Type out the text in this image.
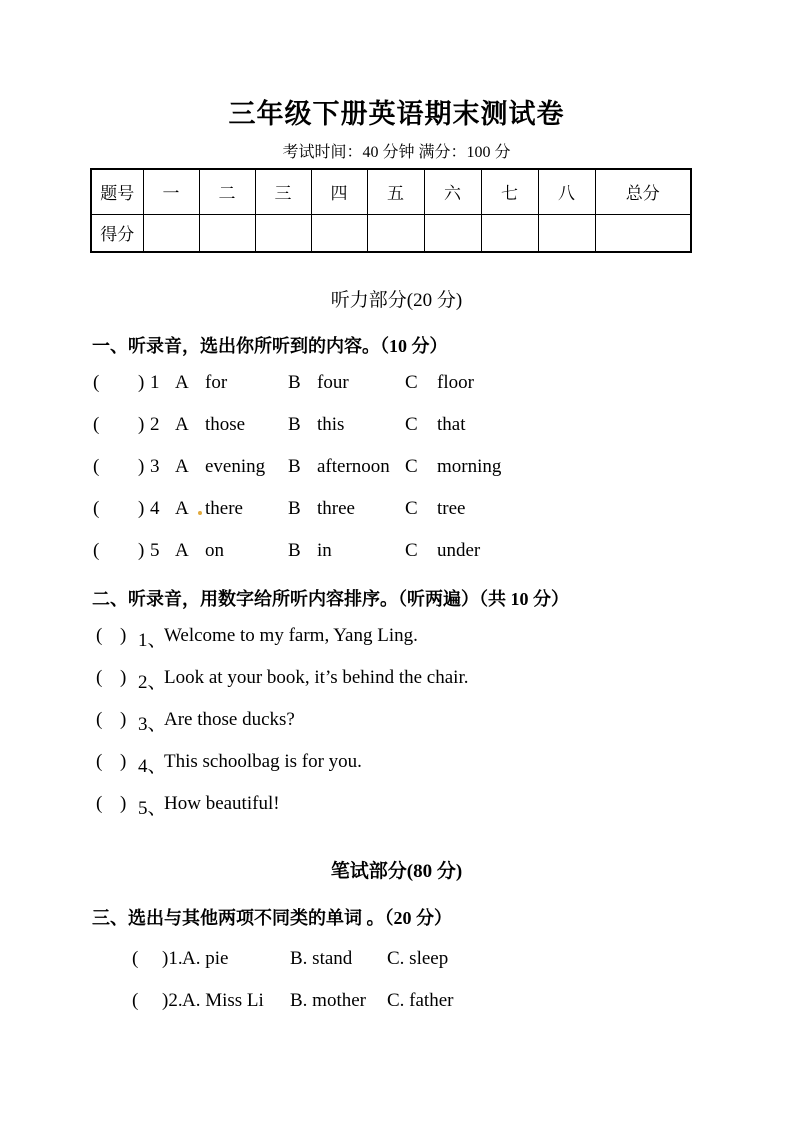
三年级下册英语期末测试卷
考试时间：40 分钟 满分：100 分
题号	一	二	三	四	五	六	七	八	总分
得分									
听力部分(20 分)
一、听录音，选出你所听到的内容。（10 分）
(	) 1 A for	B four	C	floor
(	) 2 A those	B this	C	that
(	) 3 A evening	B afternoon C	morning
(	) 4 A there	B three	C	tree
(	) 5 A on	B in	C	under
二、听录音，用数字给所听内容排序。（听两遍）（共 10 分）
( ) 1、
Welcome to my farm, Yang Ling.
( ) 2、
Look at your book, it’s behind the chair.
( ) 3、
Are those ducks?
( ) 4、
This schoolbag is for you.
( ) 5、
How beautiful!
笔试部分(80 分)
三、选出与其他两项不同类的单词 。（20 分）
(	) 1. A. pie	B. stand	C. sleep
(	) 2. A. Miss Li	B. mother	C. father
